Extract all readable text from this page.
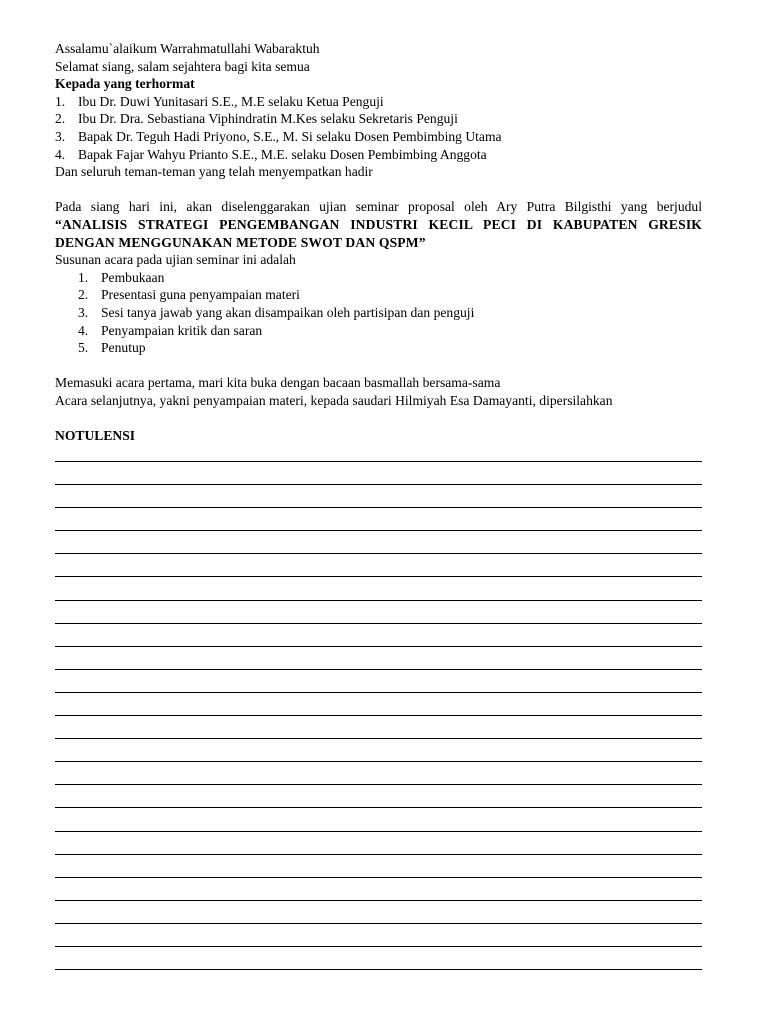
Assalamu`alaikum Warrahmatullahi Wabaraktuh
Selamat siang, salam sejahtera bagi kita semua
Kepada yang terhormat
1. Ibu Dr. Duwi Yunitasari S.E., M.E selaku Ketua Penguji
2. Ibu Dr. Dra. Sebastiana Viphindratin M.Kes selaku Sekretaris Penguji
3. Bapak Dr. Teguh Hadi Priyono, S.E., M. Si selaku Dosen Pembimbing Utama
4. Bapak Fajar Wahyu Prianto S.E., M.E. selaku Dosen Pembimbing Anggota
Dan seluruh teman-teman yang telah menyempatkan hadir
Pada siang hari ini, akan diselenggarakan ujian seminar proposal oleh Ary Putra Bilgisthi yang berjudul
“ANALISIS STRATEGI PENGEMBANGAN INDUSTRI KECIL PECI DI KABUPATEN GRESIK
DENGAN MENGGUNAKAN METODE SWOT DAN QSPM”
Susunan acara pada ujian seminar ini adalah
1. Pembukaan
2. Presentasi guna penyampaian materi
3. Sesi tanya jawab yang akan disampaikan oleh partisipan dan penguji
4. Penyampaian kritik dan saran
5. Penutup
Memasuki acara pertama, mari kita buka dengan bacaan basmallah bersama-sama
Acara selanjutnya, yakni penyampaian materi, kepada saudari Hilmiyah Esa Damayanti, dipersilahkan
NOTULENSI
